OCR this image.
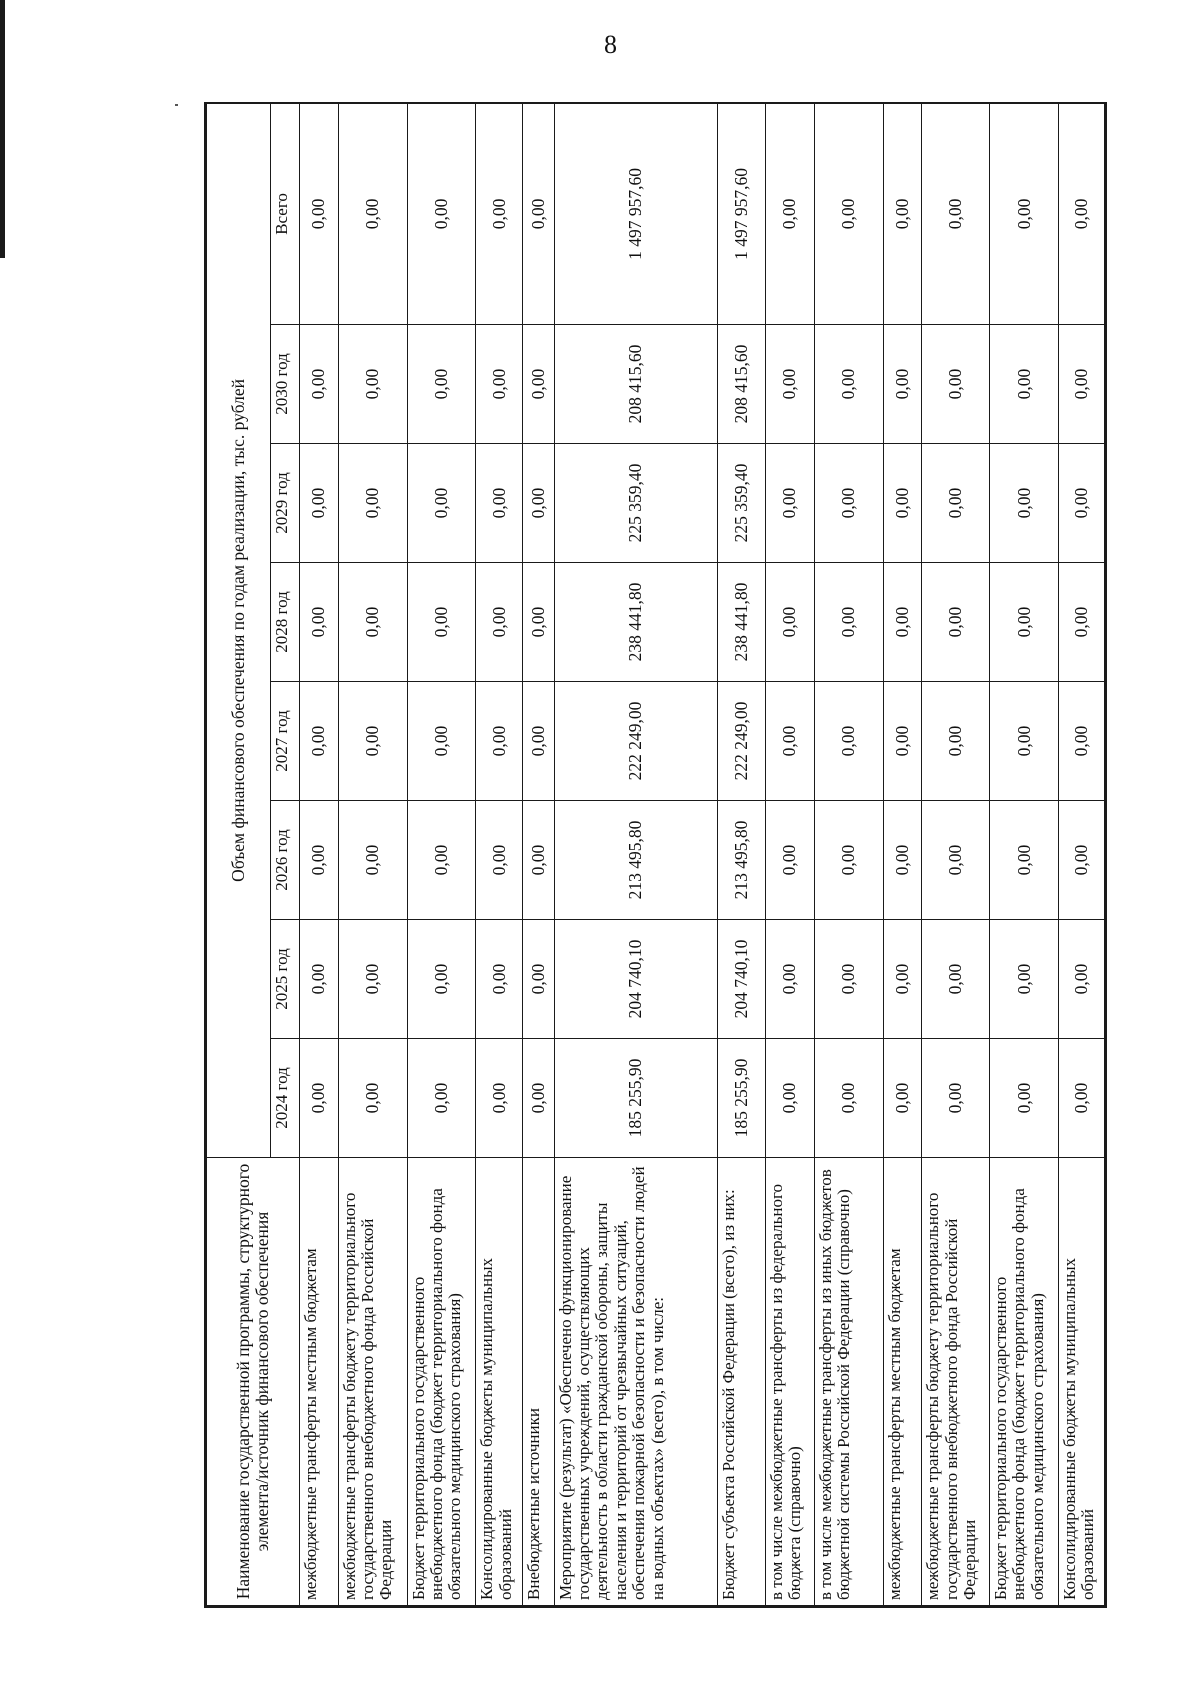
8
Наименование государственной программы, структурного элемента/источник финансового обеспечения	Объем финансового обеспечения по годам реализации, тыс. рублей							
	2024 год	2025 год	2026 год	2027 год	2028 год	2029 год	2030 год	Всего
межбюджетные трансферты местным бюджетам	0,00	0,00	0,00	0,00	0,00	0,00	0,00	0,00
межбюджетные трансферты бюджету территориального государственного внебюджетного фонда Российской Федерации	0,00	0,00	0,00	0,00	0,00	0,00	0,00	0,00
Бюджет территориального государственного внебюджетного фонда (бюджет территориального фонда обязательного медицинского страхования)	0,00	0,00	0,00	0,00	0,00	0,00	0,00	0,00
Консолидированные бюджеты муниципальных образований	0,00	0,00	0,00	0,00	0,00	0,00	0,00	0,00
Внебюджетные источники	0,00	0,00	0,00	0,00	0,00	0,00	0,00	0,00
Мероприятие (результат) «Обеспечено функционирование государственных учреждений, осуществляющих деятельность в области гражданской обороны, защиты населения и территорий от чрезвычайных ситуаций, обеспечения пожарной безопасности и безопасности людей на водных объектах» (всего), в том числе:	185 255,90	204 740,10	213 495,80	222 249,00	238 441,80	225 359,40	208 415,60	1 497 957,60
Бюджет субъекта Российской Федерации (всего), из них:	185 255,90	204 740,10	213 495,80	222 249,00	238 441,80	225 359,40	208 415,60	1 497 957,60
в том числе межбюджетные трансферты из федерального бюджета (справочно)	0,00	0,00	0,00	0,00	0,00	0,00	0,00	0,00
в том числе межбюджетные трансферты из иных бюджетов бюджетной системы Российской Федерации (справочно)	0,00	0,00	0,00	0,00	0,00	0,00	0,00	0,00
межбюджетные трансферты местным бюджетам	0,00	0,00	0,00	0,00	0,00	0,00	0,00	0,00
межбюджетные трансферты бюджету территориального государственного внебюджетного фонда Российской Федерации	0,00	0,00	0,00	0,00	0,00	0,00	0,00	0,00
Бюджет территориального государственного внебюджетного фонда (бюджет территориального фонда обязательного медицинского страхования)	0,00	0,00	0,00	0,00	0,00	0,00	0,00	0,00
Консолидированные бюджеты муниципальных образований	0,00	0,00	0,00	0,00	0,00	0,00	0,00	0,00
